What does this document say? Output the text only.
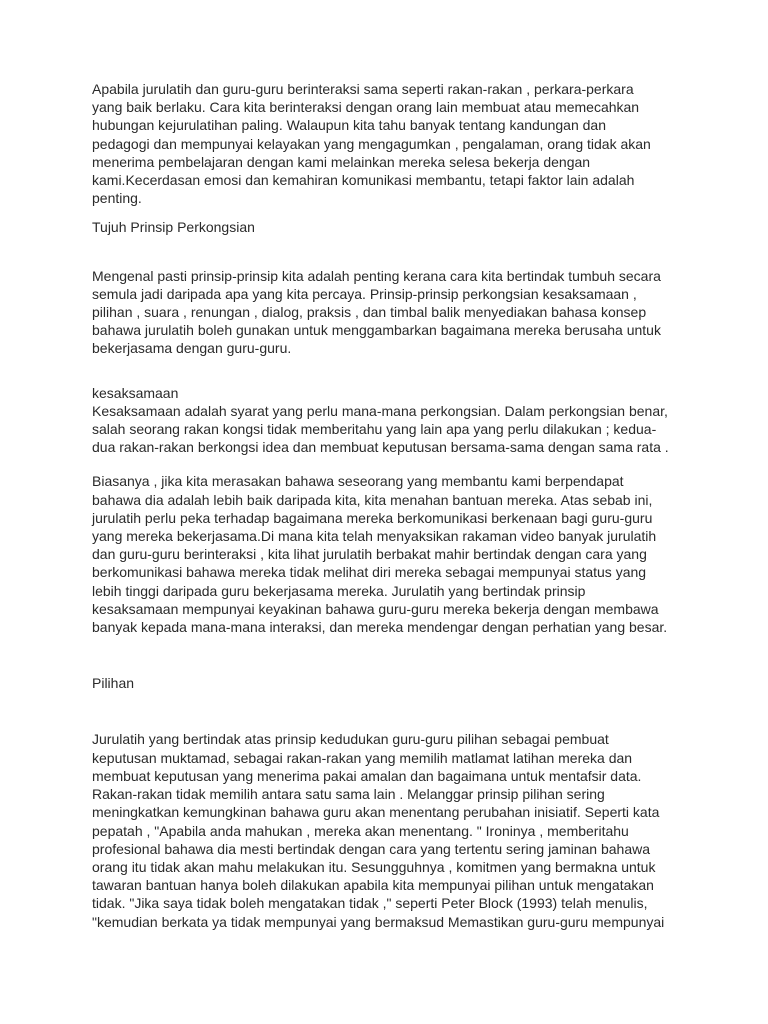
Apabila jurulatih dan guru-guru berinteraksi sama seperti rakan-rakan , perkara-perkara
yang baik berlaku. Cara kita berinteraksi dengan orang lain membuat atau memecahkan
hubungan kejurulatihan paling. Walaupun kita tahu banyak tentang kandungan dan
pedagogi dan mempunyai kelayakan yang mengagumkan , pengalaman, orang tidak akan
menerima pembelajaran dengan kami melainkan mereka selesa bekerja dengan
kami.Kecerdasan emosi dan kemahiran komunikasi membantu, tetapi faktor lain adalah
penting.
Tujuh Prinsip Perkongsian
Mengenal pasti prinsip-prinsip kita adalah penting kerana cara kita bertindak tumbuh secara
semula jadi daripada apa yang kita percaya. Prinsip-prinsip perkongsian kesaksamaan ,
pilihan , suara , renungan , dialog, praksis , dan timbal balik menyediakan bahasa konsep
bahawa jurulatih boleh gunakan untuk menggambarkan bagaimana mereka berusaha untuk
bekerjasama dengan guru-guru.
kesaksamaan
Kesaksamaan adalah syarat yang perlu mana-mana perkongsian. Dalam perkongsian benar,
salah seorang rakan kongsi tidak memberitahu yang lain apa yang perlu dilakukan ; kedua-
dua rakan-rakan berkongsi idea dan membuat keputusan bersama-sama dengan sama rata .
Biasanya , jika kita merasakan bahawa seseorang yang membantu kami berpendapat
bahawa dia adalah lebih baik daripada kita, kita menahan bantuan mereka. Atas sebab ini,
jurulatih perlu peka terhadap bagaimana mereka berkomunikasi berkenaan bagi guru-guru
yang mereka bekerjasama.Di mana kita telah menyaksikan rakaman video banyak jurulatih
dan guru-guru berinteraksi , kita lihat jurulatih berbakat mahir bertindak dengan cara yang
berkomunikasi bahawa mereka tidak melihat diri mereka sebagai mempunyai status yang
lebih tinggi daripada guru bekerjasama mereka. Jurulatih yang bertindak prinsip
kesaksamaan mempunyai keyakinan bahawa guru-guru mereka bekerja dengan membawa
banyak kepada mana-mana interaksi, dan mereka mendengar dengan perhatian yang besar.
Pilihan
Jurulatih yang bertindak atas prinsip kedudukan guru-guru pilihan sebagai pembuat
keputusan muktamad, sebagai rakan-rakan yang memilih matlamat latihan mereka dan
membuat keputusan yang menerima pakai amalan dan bagaimana untuk mentafsir data.
Rakan-rakan tidak memilih antara satu sama lain . Melanggar prinsip pilihan sering
meningkatkan kemungkinan bahawa guru akan menentang perubahan inisiatif. Seperti kata
pepatah , "Apabila anda mahukan , mereka akan menentang. " Ironinya , memberitahu
profesional bahawa dia mesti bertindak dengan cara yang tertentu sering jaminan bahawa
orang itu tidak akan mahu melakukan itu. Sesungguhnya , komitmen yang bermakna untuk
tawaran bantuan hanya boleh dilakukan apabila kita mempunyai pilihan untuk mengatakan
tidak. "Jika saya tidak boleh mengatakan tidak ," seperti Peter Block (1993) telah menulis,
"kemudian berkata ya tidak mempunyai yang bermaksud Memastikan guru-guru mempunyai
